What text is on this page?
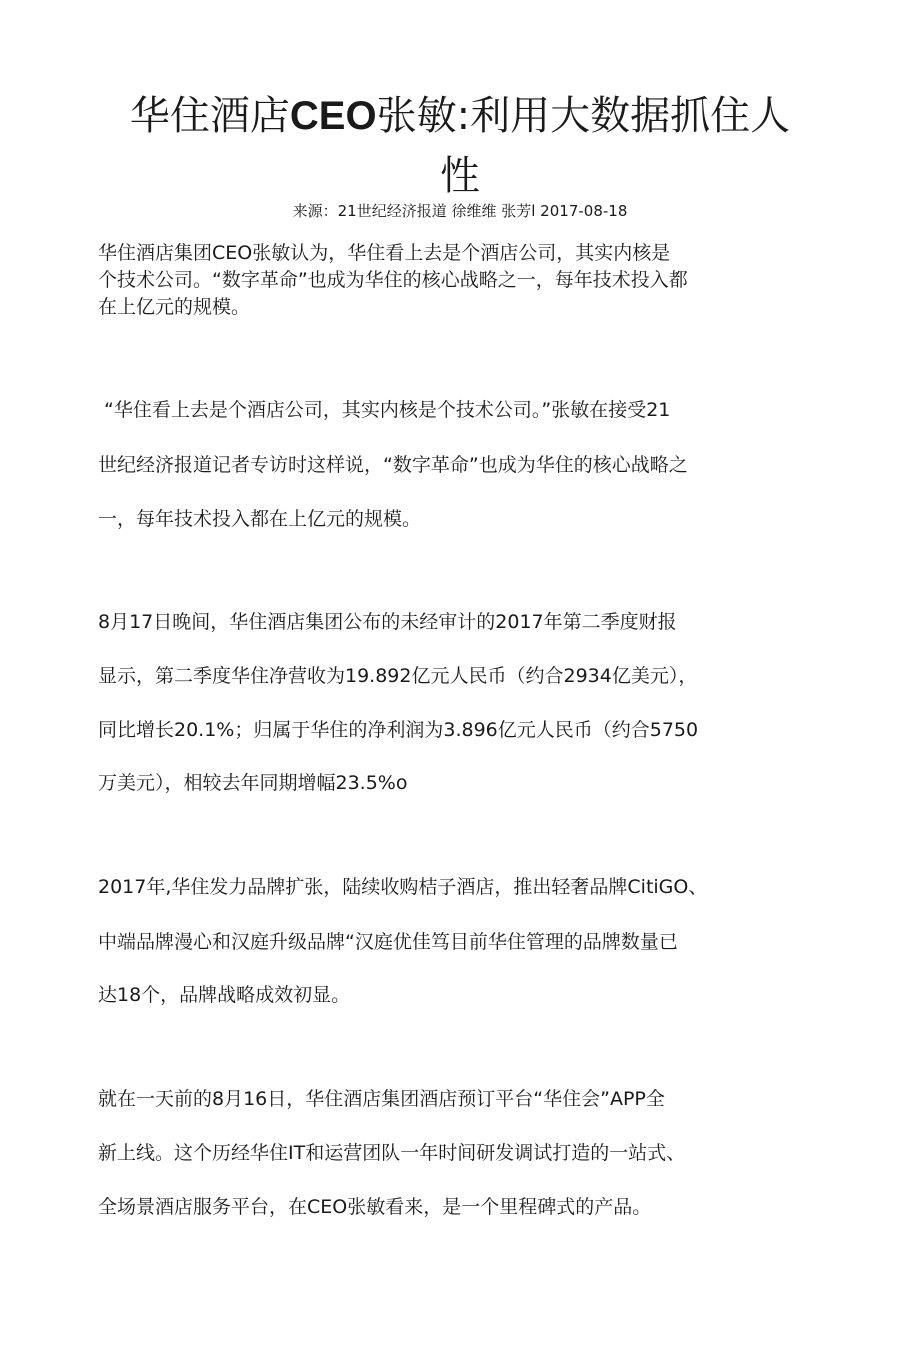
华住酒店CEO张敏:利用大数据抓住人
性
来源：21世纪经济报道 徐维维 张芳l 2017-08-18

华住酒店集团CEO张敏认为，华住看上去是个酒店公司，其实内核是

个技术公司。“数字革命”也成为华住的核心战略之一，每年技术投入都

在上亿元的规模。

“华住看上去是个酒店公司，其实内核是个技术公司。”张敏在接受21

世纪经济报道记者专访时这样说，“数字革命”也成为华住的核心战略之

一，每年技术投入都在上亿元的规模。

8月17日晚间，华住酒店集团公布的未经审计的2017年第二季度财报

显示，第二季度华住净营收为19.892亿元人民币（约合2934亿美元），

同比增长20.1%；归属于华住的净利润为3.896亿元人民币（约合5750

万美元），相较去年同期增幅23.5%o

2017年,华住发力品牌扩张，陆续收购桔子酒店，推出轻奢品牌CitiGO、

中端品牌漫心和汉庭升级品牌“汉庭优佳笃目前华住管理的品牌数量已

达18个，品牌战略成效初显。

就在一天前的8月16日，华住酒店集团酒店预订平台“华住会”APP全

新上线。这个历经华住IT和运营团队一年时间研发调试打造的一站式、

全场景酒店服务平台，在CEO张敏看来，是一个里程碑式的产品。
